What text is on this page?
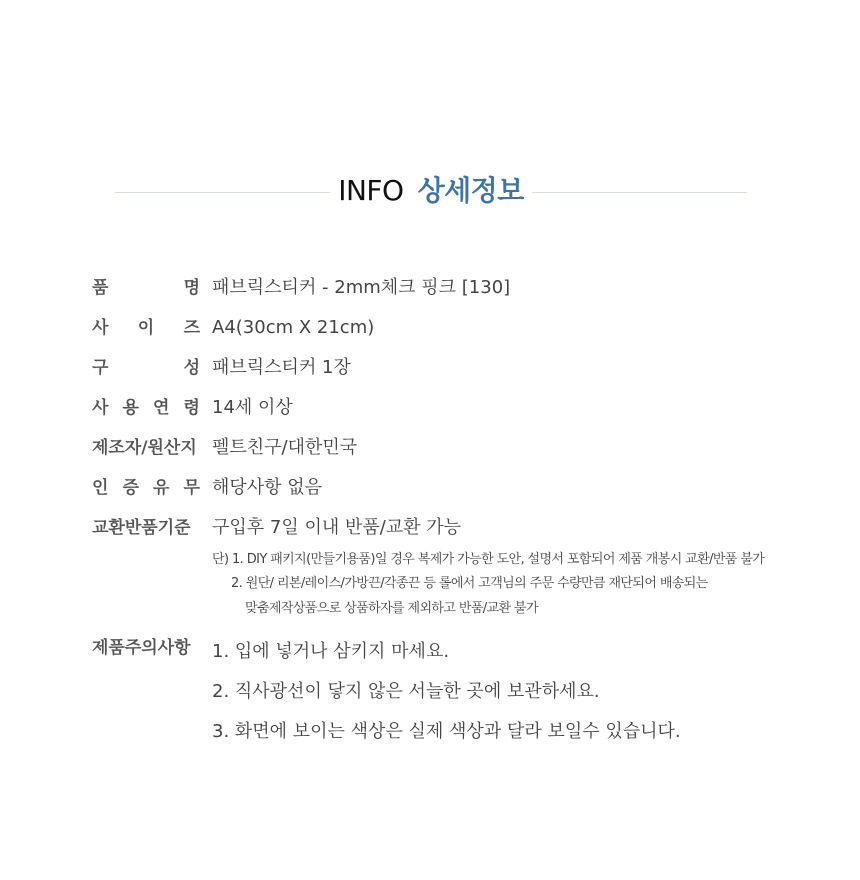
INFO 상세정보
품	명 패브릭스티커 - 2mm체크 핑크 [130]
사 이 즈 A4(30cm X 21cm)
구	성 패브릭스티커 1장
사 용 연 령 14세 이상
제조자/원산지 펠트친구/대한민국
인 증 유 무 해당사항 없음
교환반품기준	구입후 7일 이내 반품/교환 가능
단) 1. DIY 패키지(만들기용품)일 경우 복제가 가능한 도안, 설명서 포함되어 제품 개봉시 교환/반품 불가
2. 원단/ 리본/레이스/가방끈/각종끈 등 롤에서 고객님의 주문 수량만큼 재단되어 배송되는
맞춤제작상품으로 상품하자를 제외하고 반품/교환 불가
제품주의사항	1. 입에 넣거나 삼키지 마세요.
2. 직사광선이 닿지 않은 서늘한 곳에 보관하세요.
3. 화면에 보이는 색상은 실제 색상과 달라 보일수 있습니다.
